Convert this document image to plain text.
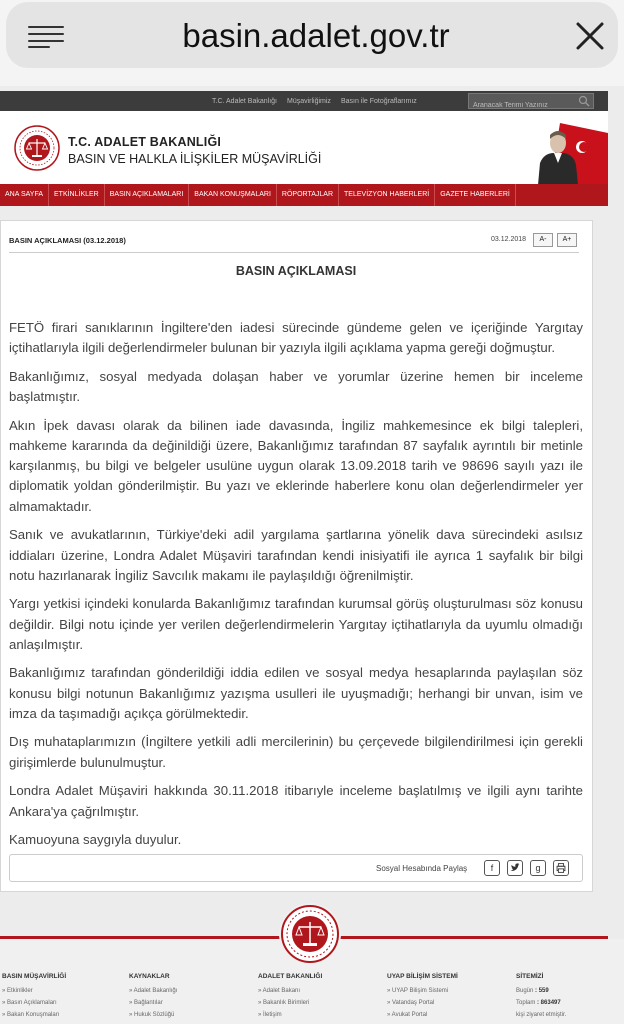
basin.adalet.gov.tr
T.C. Adalet Bakanlığı Müşavirliğimiz Basın ile Fotoğraflarımız
Aranacak Terimi Yazınız
T.C. ADALET BAKANLIĞI
BASIN VE HALKLA İLİŞKİLER MÜŞAVİRLİĞİ
ANA SAYFA	ETKİNLİKLER	BASIN AÇIKLAMALARI	BAKAN KONUŞMALARI	RÖPORTAJLAR	TELEVİZYON HABERLERİ	GAZETE HABERLERİ
BASIN AÇIKLAMASI (03.12.2018)	03.12.2018	A-	A+
BASIN AÇIKLAMASI

FETÖ firari sanıklarının İngiltere'den iadesi sürecinde gündeme gelen ve içeriğinde Yargıtay içtihatlarıyla ilgili değerlendirmeler bulunan bir yazıyla ilgili açıklama yapma gereği doğmuştur.

Bakanlığımız, sosyal medyada dolaşan haber ve yorumlar üzerine hemen bir inceleme başlatmıştır.

Akın İpek davası olarak da bilinen iade davasında, İngiliz mahkemesince ek bilgi talepleri, mahkeme kararında da değinildiği üzere, Bakanlığımız tarafından 87 sayfalık ayrıntılı bir metinle karşılanmış, bu bilgi ve belgeler usulüne uygun olarak 13.09.2018 tarih ve 98696 sayılı yazı ile diplomatik yoldan gönderilmiştir. Bu yazı ve eklerinde haberlere konu olan değerlendirmeler yer almamaktadır.

Sanık ve avukatlarının, Türkiye'deki adil yargılama şartlarına yönelik dava sürecindeki asılsız iddiaları üzerine, Londra Adalet Müşaviri tarafından kendi inisiyatifi ile ayrıca 1 sayfalık bir bilgi notu hazırlanarak İngiliz Savcılık makamı ile paylaşıldığı öğrenilmiştir.

Yargı yetkisi içindeki konularda Bakanlığımız tarafından kurumsal görüş oluşturulması söz konusu değildir. Bilgi notu içinde yer verilen değerlendirmelerin Yargıtay içtihatlarıyla da uyumlu olmadığı anlaşılmıştır.

Bakanlığımız tarafından gönderildiği iddia edilen ve sosyal medya hesaplarında paylaşılan söz konusu bilgi notunun Bakanlığımız yazışma usulleri ile uyuşmadığı; herhangi bir unvan, isim ve imza da taşımadığı açıkça görülmektedir.

Dış muhataplarımızın (İngiltere yetkili adli mercilerinin) bu çerçevede bilgilendirilmesi için gerekli girişimlerde bulunulmuştur.

Londra Adalet Müşaviri hakkında 30.11.2018 itibarıyle inceleme başlatılmış ve ilgili aynı tarihte Ankara'ya çağrılmıştır.

Kamuoyuna saygıyla duyulur.

Sosyal Hesabında Paylaş	f	g
BASIN MÜŞAVİRLİĞİ
» Etkinlikler
» Basın Açıklamaları
» Bakan Konuşmaları
KAYNAKLAR
» Adalet Bakanlığı
» Bağlantılar
» Hukuk Sözlüğü
ADALET BAKANLIĞI
» Adalet Bakanı
» Bakanlık Birimleri
» İletişim
UYAP BİLİŞİM SİSTEMİ
» UYAP Bilişim Sistemi
» Vatandaş Portal
» Avukat Portal
SİTEMİZİ
Bugün : 559
Toplam : 863497
kişi ziyaret etmiştir.
